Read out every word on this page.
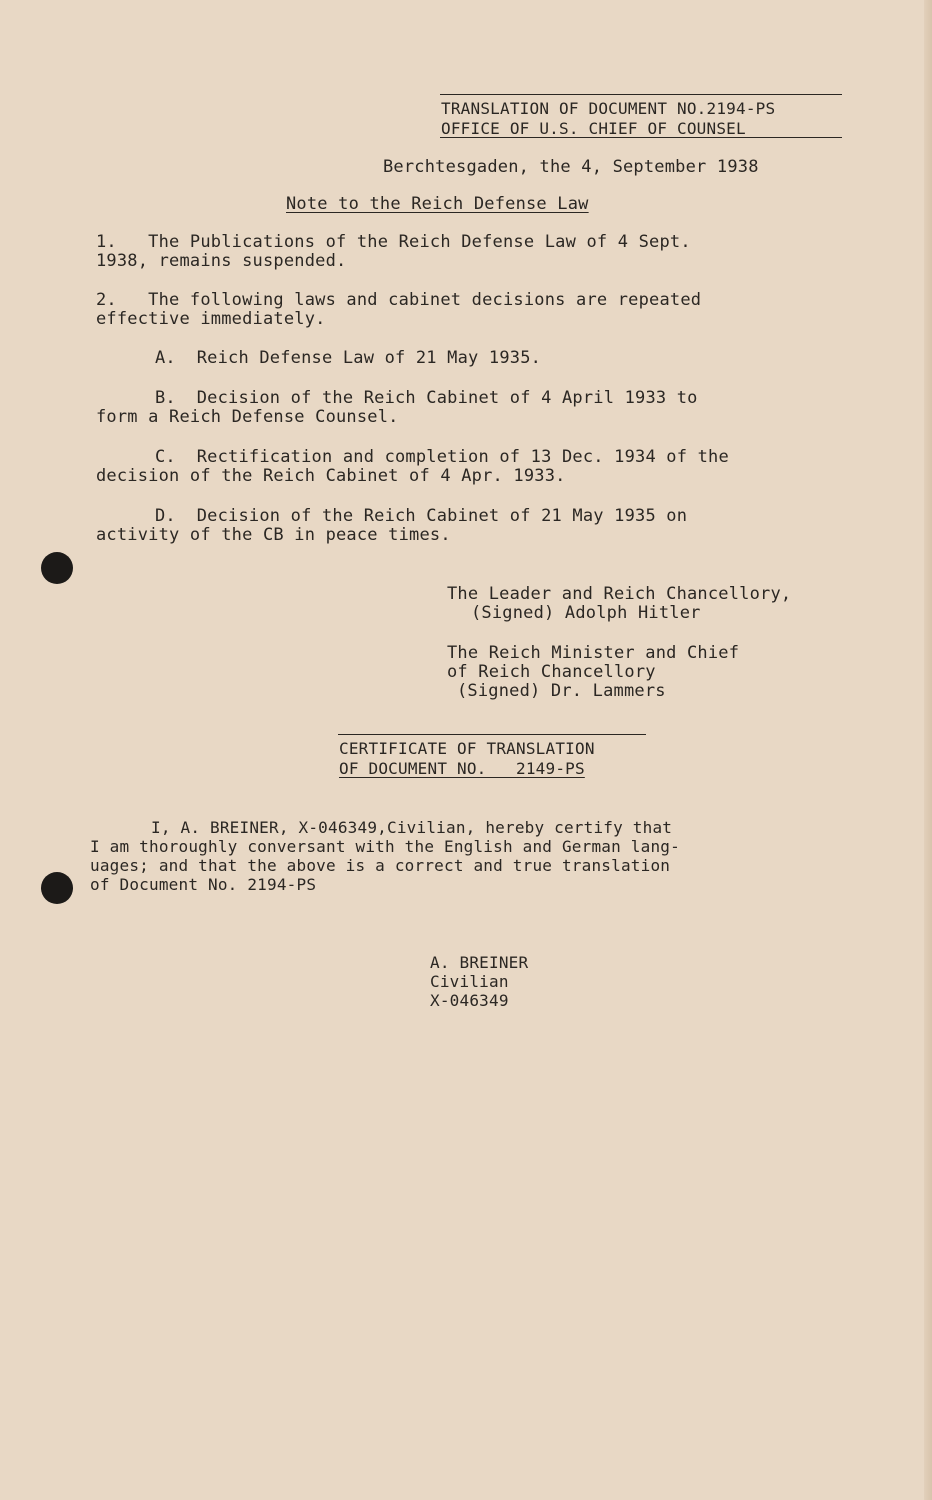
TRANSLATION OF DOCUMENT NO.2194-PS
OFFICE OF U.S. CHIEF OF COUNSEL
Berchtesgaden, the 4, September 1938
Note to the Reich Defense Law
1.   The Publications of the Reich Defense Law of 4 Sept.
1938, remains suspended.
2.   The following laws and cabinet decisions are repeated
effective immediately.
A.  Reich Defense Law of 21 May 1935.
B.  Decision of the Reich Cabinet of 4 April 1933 to
form a Reich Defense Counsel.
C.  Rectification and completion of 13 Dec. 1934 of the
decision of the Reich Cabinet of 4 Apr. 1933.
D.  Decision of the Reich Cabinet of 21 May 1935 on
activity of the CB in peace times.
The Leader and Reich Chancellory,
(Signed) Adolph Hitler
The Reich Minister and Chief
of Reich Chancellory
(Signed) Dr. Lammers
CERTIFICATE OF TRANSLATION
OF DOCUMENT NO.   2149-PS
I, A. BREINER, X-046349,Civilian, hereby certify that
I am thoroughly conversant with the English and German lang-
uages; and that the above is a correct and true translation
of Document No. 2194-PS
A. BREINER
Civilian
X-046349
